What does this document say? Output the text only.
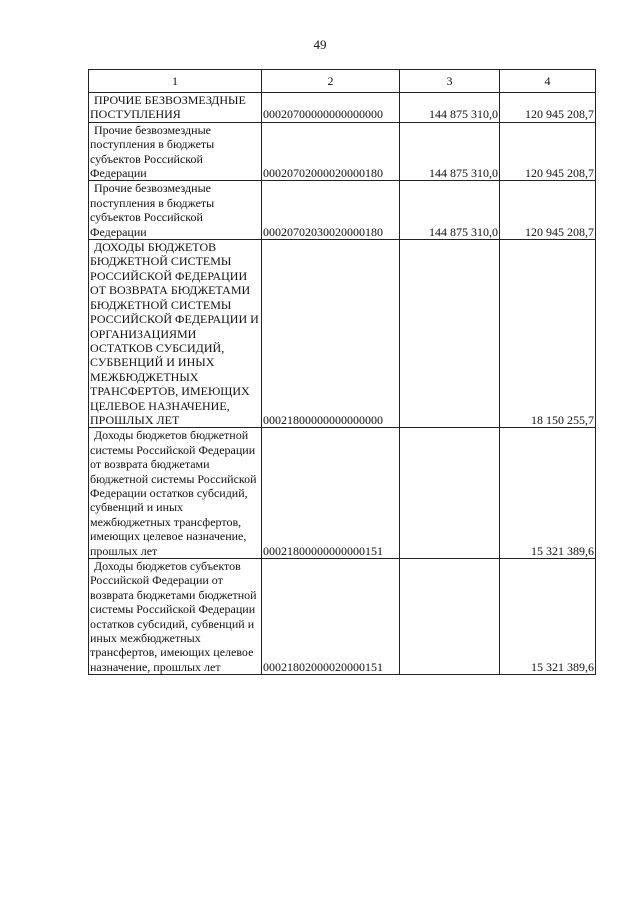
49
1	2	3	4
ПРОЧИЕ БЕЗВОЗМЕЗДНЫЕ ПОСТУПЛЕНИЯ	00020700000000000000	144 875 310,0	120 945 208,7
Прочие безвозмездные поступления в бюджеты субъектов Российской Федерации	00020702000020000180	144 875 310,0	120 945 208,7
Прочие безвозмездные поступления в бюджеты субъектов Российской Федерации	00020702030020000180	144 875 310,0	120 945 208,7
ДОХОДЫ БЮДЖЕТОВ БЮДЖЕТНОЙ СИСТЕМЫ РОССИЙСКОЙ ФЕДЕРАЦИИ ОТ ВОЗВРАТА БЮДЖЕТАМИ БЮДЖЕТНОЙ СИСТЕМЫ РОССИЙСКОЙ ФЕДЕРАЦИИ И ОРГАНИЗАЦИЯМИ ОСТАТКОВ СУБСИДИЙ, СУБВЕНЦИЙ И ИНЫХ МЕЖБЮДЖЕТНЫХ ТРАНСФЕРТОВ, ИМЕЮЩИХ ЦЕЛЕВОЕ НАЗНАЧЕНИЕ, ПРОШЛЫХ ЛЕТ	00021800000000000000		18 150 255,7
Доходы бюджетов бюджетной системы Российской Федерации от возврата бюджетами бюджетной системы Российской Федерации остатков субсидий, субвенций и иных межбюджетных трансфертов, имеющих целевое назначение, прошлых лет	00021800000000000151		15 321 389,6
Доходы бюджетов субъектов Российской Федерации от возврата бюджетами бюджетной системы Российской Федерации остатков субсидий, субвенций и иных межбюджетных трансфертов, имеющих целевое назначение, прошлых лет	00021802000020000151		15 321 389,6
